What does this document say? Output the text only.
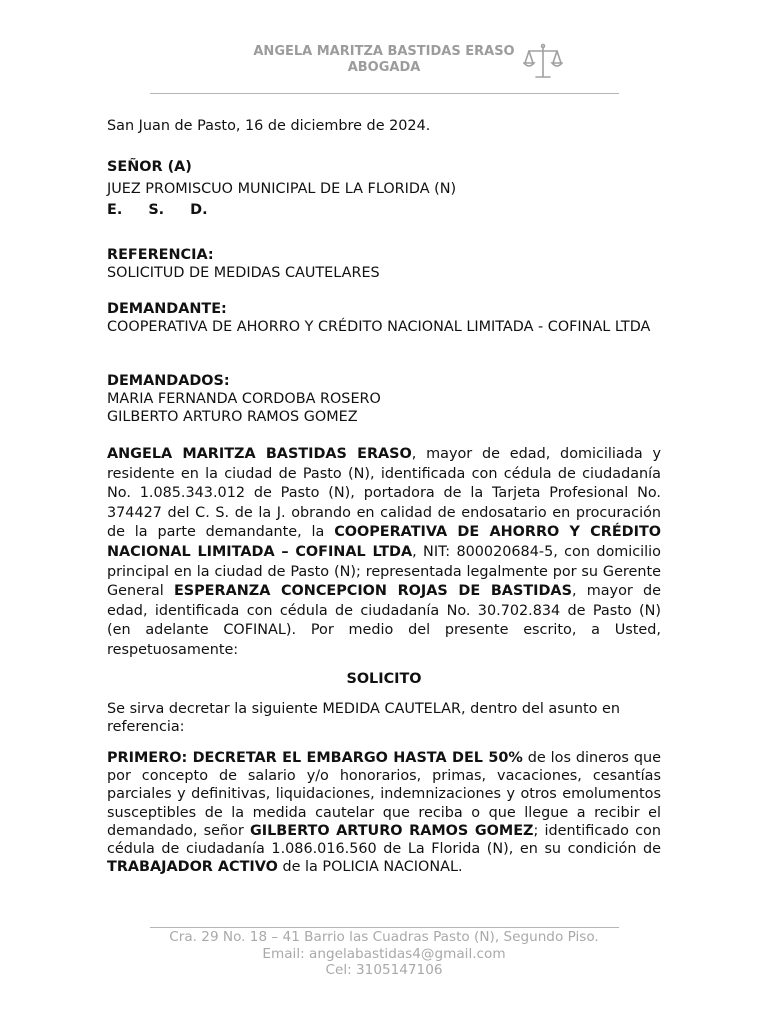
ANGELA MARITZA BASTIDAS ERASO
ABOGADA

San Juan de Pasto, 16 de diciembre de 2024.

SEÑOR (A)

JUEZ PROMISCUO MUNICIPAL DE LA FLORIDA (N)

E. S. D.

REFERENCIA:

SOLICITUD DE MEDIDAS CAUTELARES

DEMANDANTE:

COOPERATIVA DE AHORRO Y CRÉDITO NACIONAL LIMITADA - COFINAL LTDA

DEMANDADOS:

MARIA FERNANDA CORDOBA ROSERO

GILBERTO ARTURO RAMOS GOMEZ

ANGELA MARITZA BASTIDAS ERASO, mayor de edad, domiciliada y residente en la ciudad de Pasto (N), identificada con cédula de ciudadanía No. 1.085.343.012 de Pasto (N), portadora de la Tarjeta Profesional No. 374427 del C. S. de la J. obrando en calidad de endosatario en procuración de la parte demandante, la COOPERATIVA DE AHORRO Y CRÉDITO NACIONAL LIMITADA – COFINAL LTDA, NIT: 800020684-5, con domicilio principal en la ciudad de Pasto (N); representada legalmente por su Gerente General ESPERANZA CONCEPCION ROJAS DE BASTIDAS, mayor de edad, identificada con cédula de ciudadanía No. 30.702.834 de Pasto (N) (en adelante COFINAL). Por medio del presente escrito, a Usted, respetuosamente:

SOLICITO

Se sirva decretar la siguiente MEDIDA CAUTELAR, dentro del asunto en referencia:

PRIMERO: DECRETAR EL EMBARGO HASTA DEL 50% de los dineros que por concepto de salario y/o honorarios, primas, vacaciones, cesantías parciales y definitivas, liquidaciones, indemnizaciones y otros emolumentos susceptibles de la medida cautelar que reciba o que llegue a recibir el demandado, señor GILBERTO ARTURO RAMOS GOMEZ; identificado con cédula de ciudadanía 1.086.016.560 de La Florida (N), en su condición de TRABAJADOR ACTIVO de la POLICIA NACIONAL.

Cra. 29 No. 18 – 41 Barrio las Cuadras Pasto (N), Segundo Piso.
Email: angelabastidas4@gmail.com
Cel: 3105147106
